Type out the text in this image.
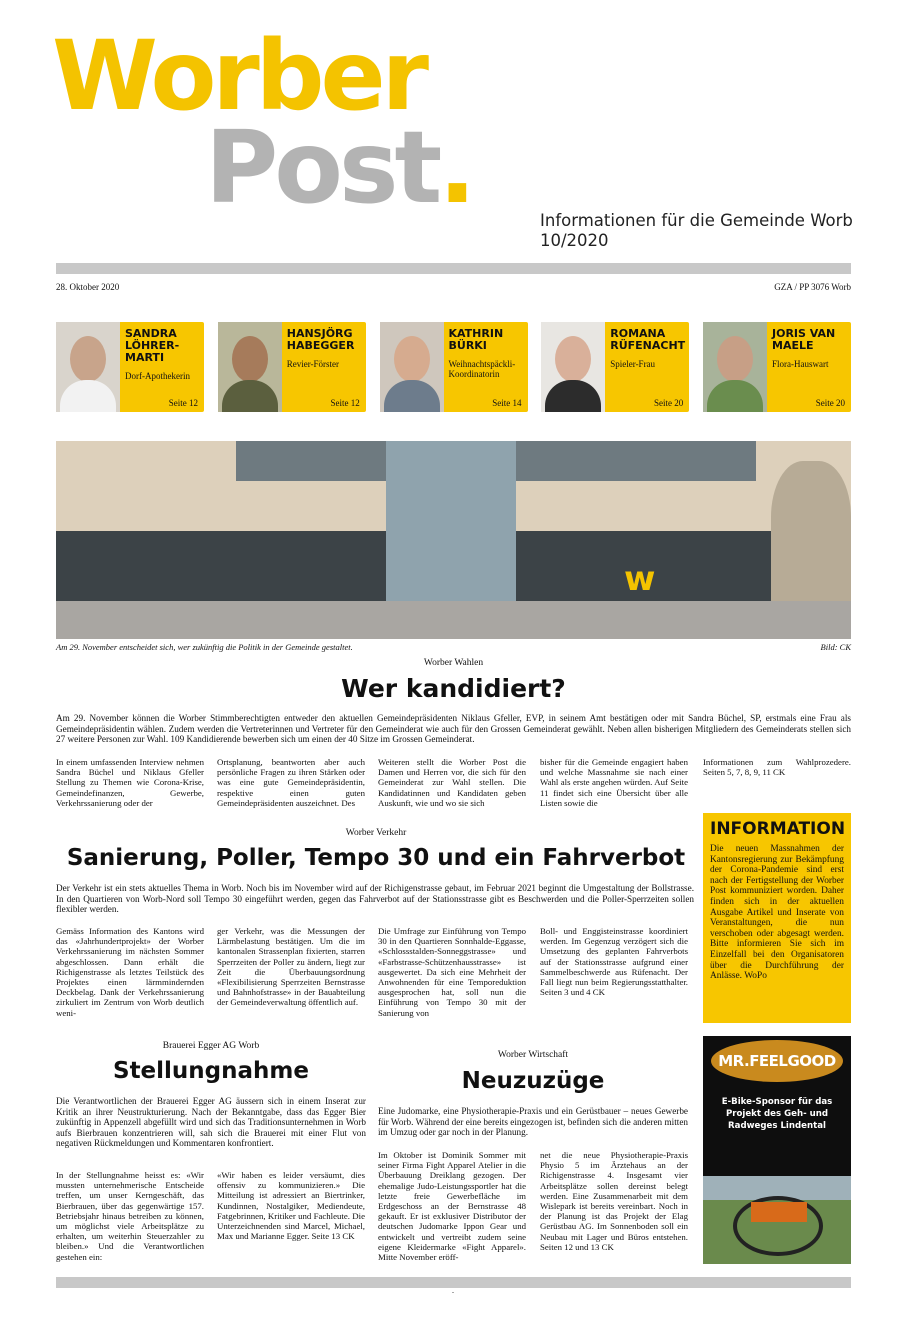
Worber
Post.	Informationen für die Gemeinde Worb
10/2020
28. Oktober 2020	GZA / PP 3076 Worb
SANDRA LÖHRER-MARTI
Dorf-Apothekerin
Seite 12
HANSJÖRG HABEGGER
Revier-Förster
Seite 12
KATHRIN BÜRKI
Weihnachtspäckli-Koordinatorin
Seite 14
ROMANA RÜFENACHT
Spieler-Frau
Seite 20
JORIS VAN MAELE
Flora-Hauswart
Seite 20
w
Am 29. November entscheidet sich, wer zukünftig die Politik in der Gemeinde gestaltet.	Bild: CK
Worber Wahlen
Wer kandidiert?
Am 29. November können die Worber Stimmberechtigten entweder den aktuellen Gemeindepräsidenten Niklaus Gfeller, EVP, in seinem Amt bestätigen oder mit Sandra Büchel, SP, erstmals eine Frau als Gemeindepräsidentin wählen. Zudem werden die Vertreterinnen und Vertreter für den Gemeinderat wie auch für den Grossen Gemeinderat gewählt. Neben allen bisherigen Mitgliedern des Gemeinderats stellen sich 27 weitere Personen zur Wahl. 109 Kandidierende bewerben sich um einen der 40 Sitze im Grossen Gemeinderat.
In einem umfassenden Interview nehmen Sandra Büchel und Niklaus Gfeller Stellung zu Themen wie Corona-Krise, Gemeindefinanzen, Gewerbe, Verkehrssanierung oder der
Ortsplanung, beantworten aber auch persönliche Fragen zu ihren Stärken oder was eine gute Gemeindepräsidentin, respektive einen guten Gemeindepräsidenten auszeichnet. Des
Weiteren stellt die Worber Post die Damen und Herren vor, die sich für den Gemeinderat zur Wahl stellen. Die Kandidatinnen und Kandidaten geben Auskunft, wie und wo sie sich
bisher für die Gemeinde engagiert haben und welche Massnahme sie nach einer Wahl als erste angehen würden. Auf Seite 11 findet sich eine Übersicht über alle Listen sowie die
Informationen zum Wahlprozedere. Seiten 5, 7, 8, 9, 11 CK
Worber Verkehr
Sanierung, Poller, Tempo 30 und ein Fahrverbot
Der Verkehr ist ein stets aktuelles Thema in Worb. Noch bis im November wird auf der Richigenstrasse gebaut, im Februar 2021 beginnt die Umgestaltung der Bollstrasse. In den Quartieren von Worb-Nord soll Tempo 30 eingeführt werden, gegen das Fahrverbot auf der Stationsstrasse gibt es Beschwerden und die Poller-Sperrzeiten sollen flexibler werden.
Gemäss Information des Kantons wird das «Jahrhundertprojekt» der Worber Verkehrssanierung im nächsten Sommer abgeschlossen. Dann erhält die Richigenstrasse als letztes Teilstück des Projektes einen lärmmindernden Deckbelag. Dank der Verkehrssanierung zirkuliert im Zentrum von Worb deutlich weni-
ger Verkehr, was die Messungen der Lärmbelastung bestätigen. Um die im kantonalen Strassenplan fixierten, starren Sperrzeiten der Poller zu ändern, liegt zur Zeit die Überbauungsordnung «Flexibilisierung Sperrzeiten Bernstrasse und Bahnhofstrasse» in der Bauabteilung der Gemeindeverwaltung öffentlich auf.
Die Umfrage zur Einführung von Tempo 30 in den Quartieren Sonnhalde-Eggasse, «Schlossstalden-Sonneggstrasse» und «Farbstrasse-Schützenhausstrasse» ist ausgewertet. Da sich eine Mehrheit der Anwohnenden für eine Temporeduktion ausgesprochen hat, soll nun die Einführung von Tempo 30 mit der Sanierung von
Boll- und Enggisteinstrasse koordiniert werden. Im Gegenzug verzögert sich die Umsetzung des geplanten Fahrverbots auf der Stationsstrasse aufgrund einer Sammelbeschwerde aus Rüfenacht. Der Fall liegt nun beim Regierungsstatthalter. Seiten 3 und 4 CK
INFORMATION
Die neuen Massnahmen der Kantonsregierung zur Bekämpfung der Corona-Pandemie sind erst nach der Fertigstellung der Worber Post kommuniziert worden. Daher finden sich in der aktuellen Ausgabe Artikel und Inserate von Veranstaltungen, die nun verschoben oder abgesagt werden. Bitte informieren Sie sich im Einzelfall bei den Organisatoren über die Durchführung der Anlässe. WoPo
Brauerei Egger AG Worb
Stellungnahme
Die Verantwortlichen der Brauerei Egger AG äussern sich in einem Inserat zur Kritik an ihrer Neustrukturierung. Nach der Bekanntgabe, dass das Egger Bier zukünftig in Appenzell abgefüllt wird und sich das Traditionsunternehmen in Worb aufs Bierbrauen konzentrieren will, sah sich die Brauerei mit einer Flut von negativen Rückmeldungen und Kommentaren konfrontiert.
In der Stellungnahme heisst es: «Wir mussten unternehmerische Entscheide treffen, um unser Kerngeschäft, das Bierbrauen, über das gegenwärtige 157. Betriebsjahr hinaus betreiben zu können, um möglichst viele Arbeitsplätze zu erhalten, um weiterhin Steuerzahler zu bleiben.» Und die Verantwortlichen gestehen ein:
«Wir haben es leider versäumt, dies offensiv zu kommunizieren.» Die Mitteilung ist adressiert an Biertrinker, Kundinnen, Nostalgiker, Mediendeute, Fatgebrinnen, Kritiker und Fachleute. Die Unterzeichnenden sind Marcel, Michael, Max und Marianne Egger. Seite 13 CK
Worber Wirtschaft
Neuzuzüge
Eine Judomarke, eine Physiotherapie-Praxis und ein Gerüstbauer – neues Gewerbe für Worb. Während der eine bereits eingezogen ist, befinden sich die anderen mitten im Umzug oder gar noch in der Planung.
Im Oktober ist Dominik Sommer mit seiner Firma Fight Apparel Atelier in die Überbauung Dreiklang gezogen. Der ehemalige Judo-Leistungssportler hat die letzte freie Gewerbefläche im Erdgeschoss an der Bernstrasse 48 gekauft. Er ist exklusiver Distributor der deutschen Judomarke Ippon Gear und entwickelt und vertreibt zudem seine eigene Kleidermarke «Fight Apparel». Mitte November eröff-
net die neue Physiotherapie-Praxis Physio 5 im Ärztehaus an der Richigenstrasse 4. Insgesamt vier Arbeitsplätze sollen dereinst belegt werden. Eine Zusammenarbeit mit dem Wislepark ist bereits vereinbart. Noch in der Planung ist das Projekt der Elag Gerüstbau AG. Im Sonnenboden soll ein Neubau mit Lager und Büros entstehen. Seiten 12 und 13 CK
MR.FEELGOOD
E-Bike-Sponsor für das Projekt des Geh- und Radweges Lindental
.
